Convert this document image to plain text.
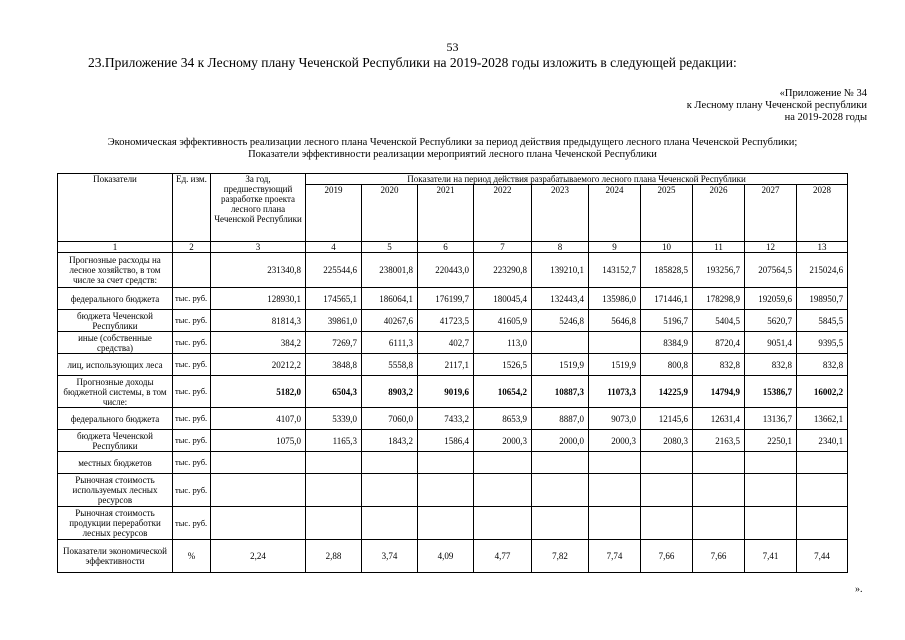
53
23.Приложение 34 к Лесному плану Чеченской Республики на 2019-2028 годы изложить в следующей редакции:
«Приложение № 34
к Лесному плану Чеченской республики
на 2019-2028 годы
Экономическая эффективность реализации лесного плана Чеченской Республики за период действия предыдущего лесного плана Чеченской Республики;
Показатели эффективности реализации мероприятий лесного плана Чеченской Республики
Показатели	Ед. изм.	За год, предшествующий разработке проекта лесного плана Чеченской Республики	Показатели на период действия разрабатываемого лесного плана Чеченской Республики									
			2019	2020	2021	2022	2023	2024	2025	2026	2027	2028
1	2	3	4	5	6	7	8	9	10	11	12	13
Прогнозные расходы на лесное хозяйство, в том числе за счет средств:		231340,8	225544,6	238001,8	220443,0	223290,8	139210,1	143152,7	185828,5	193256,7	207564,5	215024,6
федерального бюджета	тыс. руб.	128930,1	174565,1	186064,1	176199,7	180045,4	132443,4	135986,0	171446,1	178298,9	192059,6	198950,7
бюджета Чеченской Республики	тыс. руб.	81814,3	39861,0	40267,6	41723,5	41605,9	5246,8	5646,8	5196,7	5404,5	5620,7	5845,5
иные (собственные средства)	тыс. руб.	384,2	7269,7	6111,3	402,7	113,0			8384,9	8720,4	9051,4	9395,5
лиц, использующих леса	тыс. руб.	20212,2	3848,8	5558,8	2117,1	1526,5	1519,9	1519,9	800,8	832,8	832,8	832,8
Прогнозные доходы бюджетной системы, в том числе:	тыс. руб.	5182,0	6504,3	8903,2	9019,6	10654,2	10887,3	11073,3	14225,9	14794,9	15386,7	16002,2
федерального бюджета	тыс. руб.	4107,0	5339,0	7060,0	7433,2	8653,9	8887,0	9073,0	12145,6	12631,4	13136,7	13662,1
бюджета Чеченской Республики	тыс. руб.	1075,0	1165,3	1843,2	1586,4	2000,3	2000,0	2000,3	2080,3	2163,5	2250,1	2340,1
местных бюджетов	тыс. руб.											
Рыночная стоимость используемых лесных ресурсов	тыс. руб.											
Рыночная стоимость продукции переработки лесных ресурсов	тыс. руб.											
Показатели экономической эффективности	%	2,24	2,88	3,74	4,09	4,77	7,82	7,74	7,66	7,66	7,41	7,44
».
